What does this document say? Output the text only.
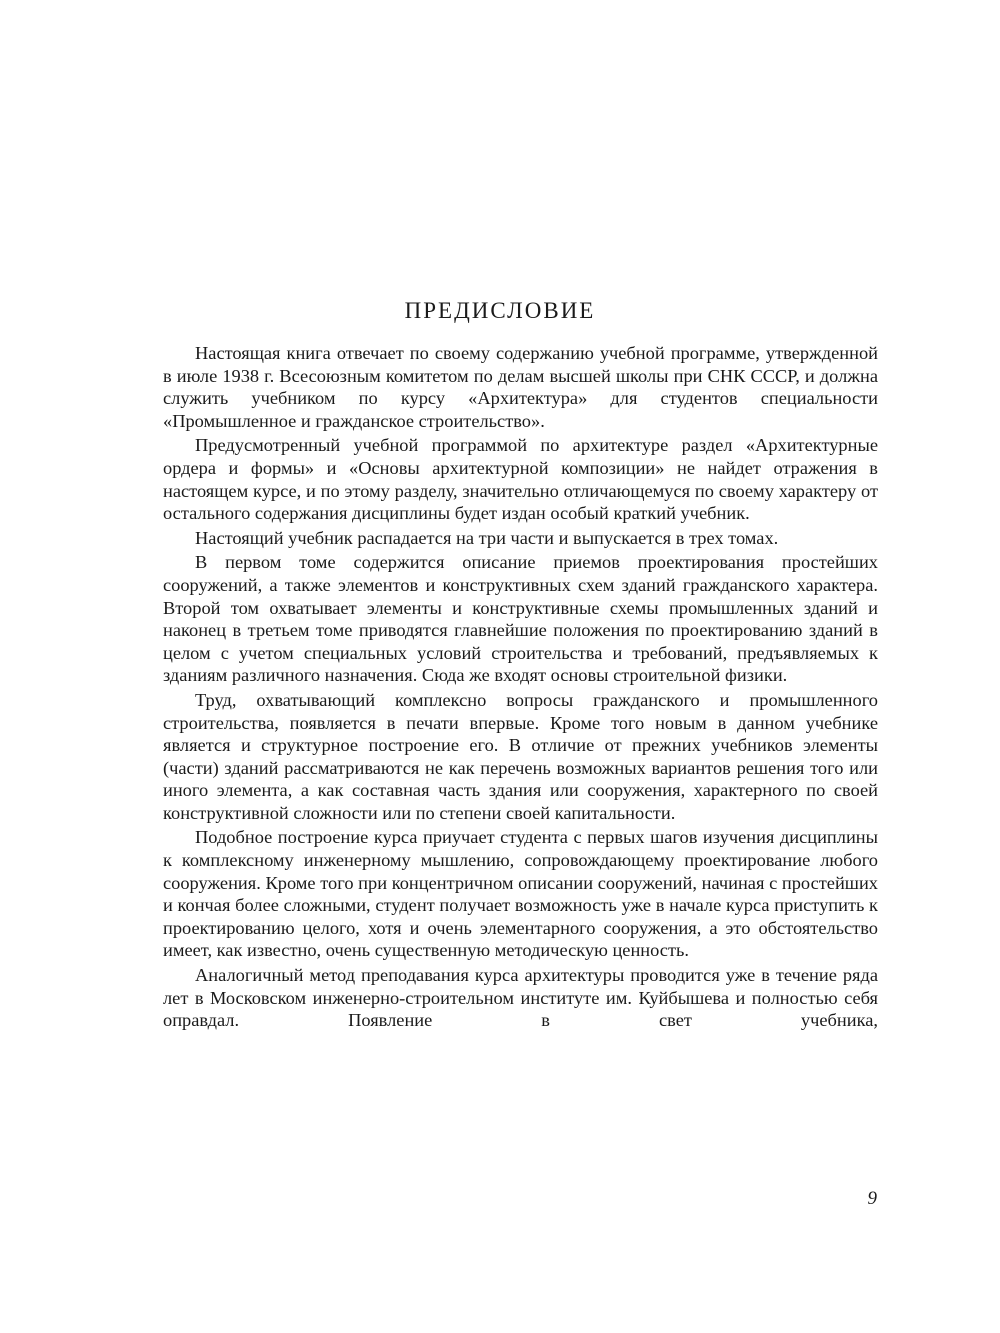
ПРЕДИСЛОВИЕ

Настоящая книга отвечает по своему содержанию учебной программе, утвержденной в июле 1938 г. Всесоюзным комитетом по делам высшей школы при СНК СССР, и должна служить учебником по курсу «Архитектура» для студентов специальности «Промышленное и гражданское строительство».

Предусмотренный учебной программой по архитектуре раздел «Архитектурные ордера и формы» и «Основы архитектурной композиции» не найдет отражения в настоящем курсе, и по этому разделу, значительно отличающемуся по своему характеру от остального содержания дисциплины будет издан особый краткий учебник.

Настоящий учебник распадается на три части и выпускается в трех томах.

В первом томе содержится описание приемов проектирования простейших сооружений, а также элементов и конструктивных схем зданий гражданского характера. Второй том охватывает элементы и конструктивные схемы промышленных зданий и наконец в третьем томе приводятся главнейшие положения по проектированию зданий в целом с учетом специальных условий строительства и требований, предъявляемых к зданиям различного назначения. Сюда же входят основы строительной физики.

Труд, охватывающий комплексно вопросы гражданского и промышленного строительства, появляется в печати впервые. Кроме того новым в данном учебнике является и структурное построение его. В отличие от прежних учебников элементы (части) зданий рассматриваются не как перечень возможных вариантов решения того или иного элемента, а как составная часть здания или сооружения, характерного по своей конструктивной сложности или по степени своей капитальности.

Подобное построение курса приучает студента с первых шагов изучения дисциплины к комплексному инженерному мышлению, сопровождающему проектирование любого сооружения. Кроме того при концентричном описании сооружений, начиная с простейших и кончая более сложными, студент получает возможность уже в начале курса приступить к проектированию целого, хотя и очень элементарного сооружения, а это обстоятельство имеет, как известно, очень существенную методическую ценность.

Аналогичный метод преподавания курса архитектуры проводится уже в течение ряда лет в Московском инженерно-строительном институте им. Куйбышева и полностью себя оправдал. Появление в свет учебника,

9
